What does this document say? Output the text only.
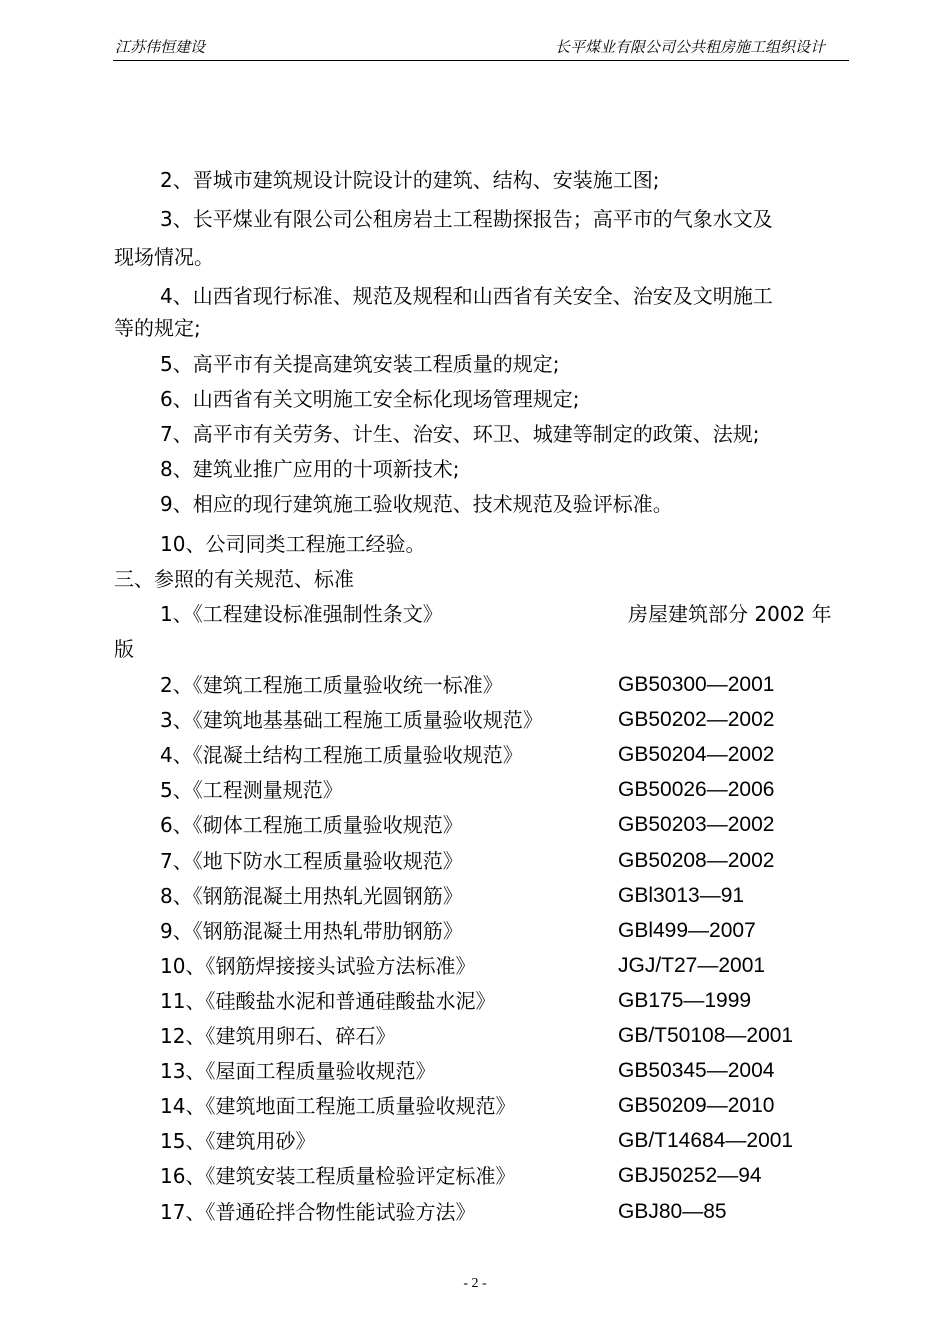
江苏伟恒建设	长平煤业有限公司公共租房施工组织设计
2、晋城市建筑规设计院设计的建筑、结构、安装施工图;
3、长平煤业有限公司公租房岩土工程勘探报告；高平市的气象水文及
现场情况。
4、山西省现行标准、规范及规程和山西省有关安全、治安及文明施工
等的规定;
5、高平市有关提高建筑安装工程质量的规定;
6、山西省有关文明施工安全标化现场管理规定;
7、高平市有关劳务、计生、治安、环卫、城建等制定的政策、法规;
8、建筑业推广应用的十项新技术;
9、相应的现行建筑施工验收规范、技术规范及验评标准。
10、公司同类工程施工经验。
三、参照的有关规范、标准
1、《工程建设标准强制性条文》	房屋建筑部分 2002 年
版
2、《建筑工程施工质量验收统一标准》	GB50300—2001
3、《建筑地基基础工程施工质量验收规范》	GB50202—2002
4、《混凝土结构工程施工质量验收规范》	GB50204—2002
5、《工程测量规范》	GB50026—2006
6、《砌体工程施工质量验收规范》	GB50203—2002
7、《地下防水工程质量验收规范》	GB50208—2002
8、《钢筋混凝土用热轧光圆钢筋》	GBl3013—91
9、《钢筋混凝土用热轧带肋钢筋》	GBl499—2007
10、《钢筋焊接接头试验方法标准》	JGJ/T27—2001
11、《硅酸盐水泥和普通硅酸盐水泥》	GB175—1999
12、《建筑用卵石、碎石》	GB/T50108—2001
13、《屋面工程质量验收规范》	GB50345—2004
14、《建筑地面工程施工质量验收规范》	GB50209—2010
15、《建筑用砂》	GB/T14684—2001
16、《建筑安装工程质量检验评定标准》	GBJ50252—94
17、《普通砼拌合物性能试验方法》	GBJ80—85
- 2 -
